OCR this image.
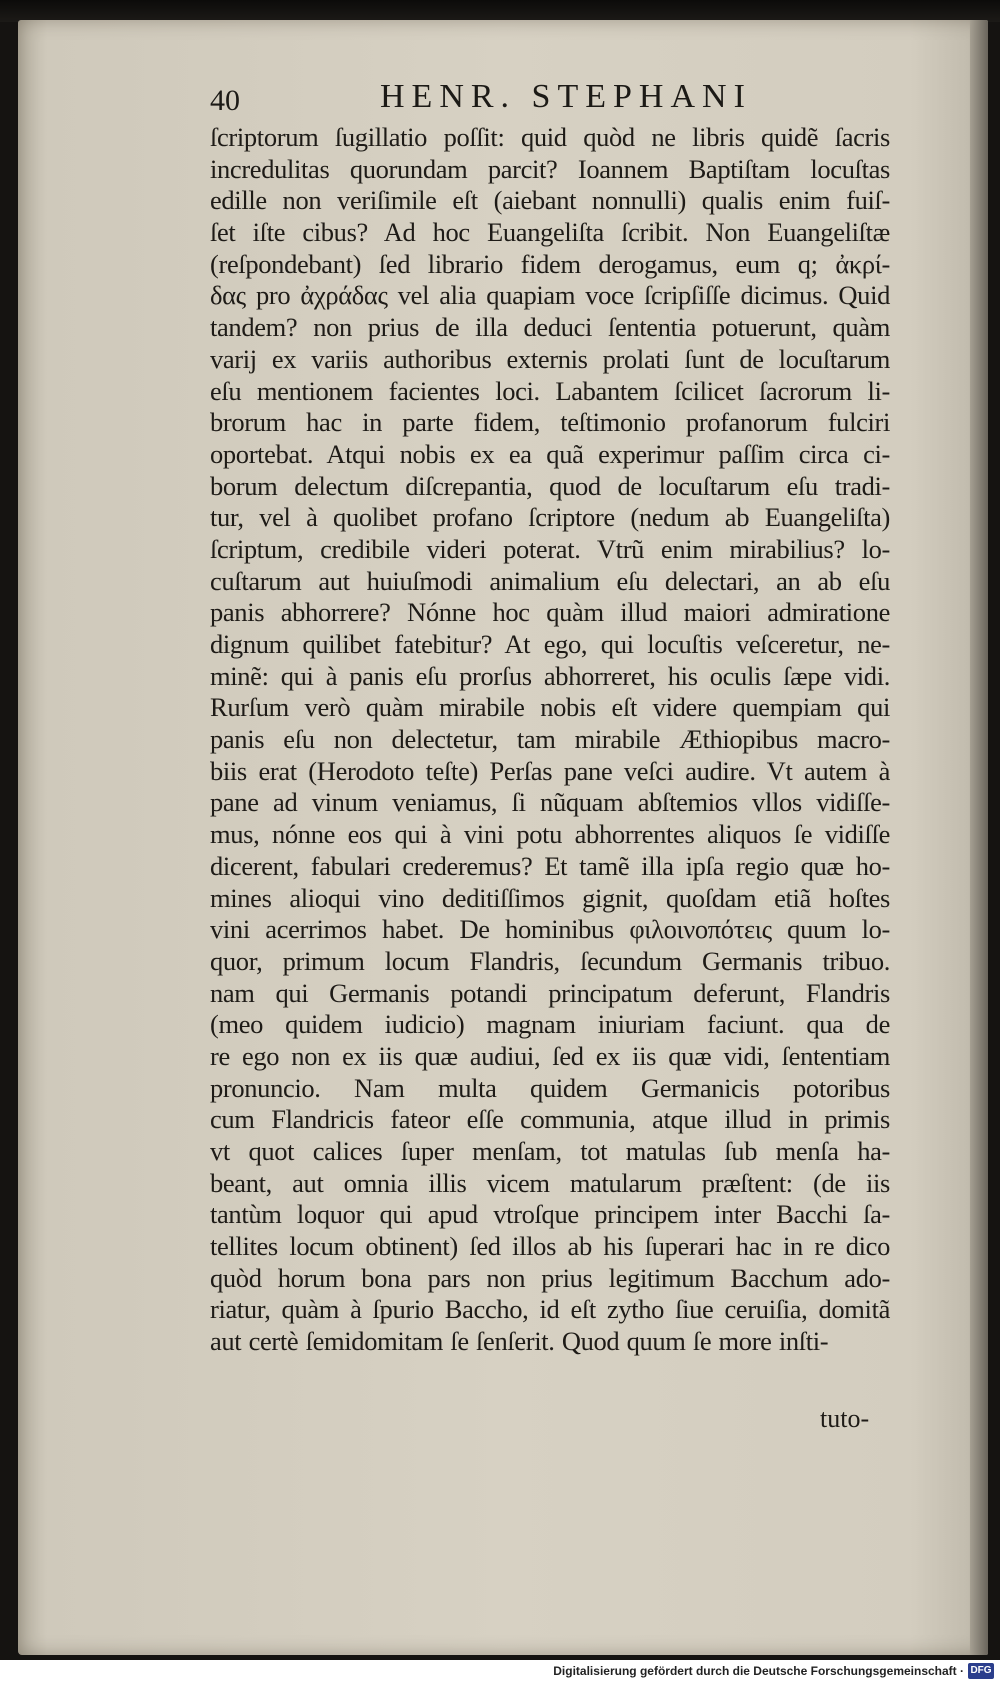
40	HENR. STEPHANI
ſcriptorum ſugillatio poſſit: quid quòd ne libris quidẽ ſacris
incredulitas quorundam parcit? Ioannem Baptiſtam locuſtas
edille non veriſimile eſt (aiebant nonnulli) qualis enim fuiſ-
ſet iſte cibus? Ad hoc Euangeliſta ſcribit. Non Euangeliſtæ
(reſpondebant) ſed librario fidem derogamus, eum q; ἀκρί-
δας pro ἀχράδας vel alia quapiam voce ſcripſiſſe dicimus. Quid
tandem? non prius de illa deduci ſententia potuerunt, quàm
varij ex variis authoribus externis prolati ſunt de locuſtarum
eſu mentionem facientes loci. Labantem ſcilicet ſacrorum li-
brorum hac in parte fidem, teſtimonio profanorum fulciri
oportebat. Atqui nobis ex ea quã experimur paſſim circa ci-
borum delectum diſcrepantia, quod de locuſtarum eſu tradi-
tur, vel à quolibet profano ſcriptore (nedum ab Euangeliſta)
ſcriptum, credibile videri poterat. Vtrũ enim mirabilius? lo-
cuſtarum aut huiuſmodi animalium eſu delectari, an ab eſu
panis abhorrere? Nónne hoc quàm illud maiori admiratione
dignum quilibet fatebitur? At ego, qui locuſtis veſceretur, ne-
minẽ: qui à panis eſu prorſus abhorreret, his oculis ſæpe vidi.
Rurſum verò quàm mirabile nobis eſt videre quempiam qui
panis eſu non delectetur, tam mirabile Æthiopibus macro-
biis erat (Herodoto teſte) Perſas pane veſci audire. Vt autem à
pane ad vinum veniamus, ſi nũquam abſtemios vllos vidiſſe-
mus, nónne eos qui à vini potu abhorrentes aliquos ſe vidiſſe
dicerent, fabulari crederemus? Et tamẽ illa ipſa regio quæ ho-
mines alioqui vino deditiſſimos gignit, quoſdam etiã hoſtes
vini acerrimos habet. De hominibus φιλοινοπότεις quum lo-
quor, primum locum Flandris, ſecundum Germanis tribuo.
nam qui Germanis potandi principatum deferunt, Flandris
(meo quidem iudicio) magnam iniuriam faciunt. qua de
re ego non ex iis quæ audiui, ſed ex iis quæ vidi, ſententiam
pronuncio. Nam multa quidem Germanicis potoribus
cum Flandricis fateor eſſe communia, atque illud in primis
vt quot calices ſuper menſam, tot matulas ſub menſa ha-
beant, aut omnia illis vicem matularum præſtent: (de iis
tantùm loquor qui apud vtroſque principem inter Bacchi ſa-
tellites locum obtinent) ſed illos ab his ſuperari hac in re dico
quòd horum bona pars non prius legitimum Bacchum ado-
riatur, quàm à ſpurio Baccho, id eſt zytho ſiue ceruiſia, domitã
aut certè ſemidomitam ſe ſenſerit. Quod quum ſe more inſti-
tuto-
Digitalisierung gefördert durch die Deutsche Forschungsgemeinschaft · DFG
